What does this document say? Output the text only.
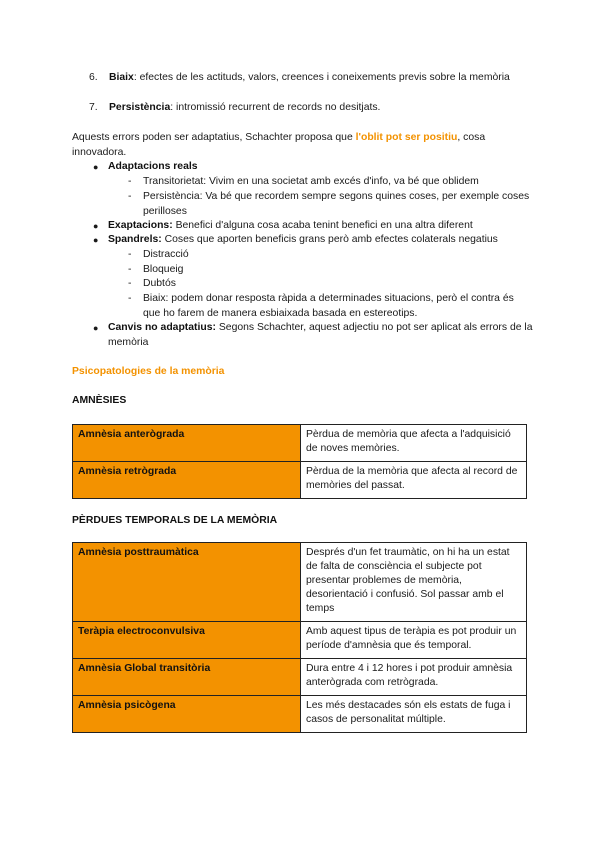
6.	Biaix: efectes de les actituds, valors, creences i coneixements previs sobre la memòria
7.	Persistència: intromissió recurrent de records no desitjats.
Aquests errors poden ser adaptatius, Schachter proposa que l'oblit pot ser positiu, cosa innovadora.
● Adaptacions reals
- Transitorietat: Vivim en una societat amb excés d'info, va bé que oblidem
- Persistència: Va bé que recordem sempre segons quines coses, per exemple coses perilloses
● Exaptacions: Benefici d'alguna cosa acaba tenint benefici en una altra diferent
● Spandrels: Coses que aporten beneficis grans però amb efectes colaterals negatius
- Distracció
- Bloqueig
- Dubtós
- Biaix: podem donar resposta ràpida a determinades situacions, però el contra és que ho farem de manera esbiaixada basada en estereotips.
● Canvis no adaptatius: Segons Schachter, aquest adjectiu no pot ser aplicat als errors de la memòria
Psicopatologies de la memòria
AMNÈSIES
Amnèsia anterògrada	Pèrdua de memòria que afecta a l'adquisició de noves memòries.
Amnèsia retrògrada	Pèrdua de la memòria que afecta al record de memòries del passat.
PÈRDUES TEMPORALS DE LA MEMÒRIA
Amnèsia posttraumàtica	Després d'un fet traumàtic, on hi ha un estat de falta de consciència el subjecte pot presentar problemes de memòria, desorientació i confusió. Sol passar amb el temps
Teràpia electroconvulsiva	Amb aquest tipus de teràpia es pot produir un període d'amnèsia que és temporal.
Amnèsia Global transitòria	Dura entre 4 i 12 hores i pot produir amnèsia anterògrada com retrògrada.
Amnèsia psicògena	Les més destacades són els estats de fuga i casos de personalitat múltiple.
